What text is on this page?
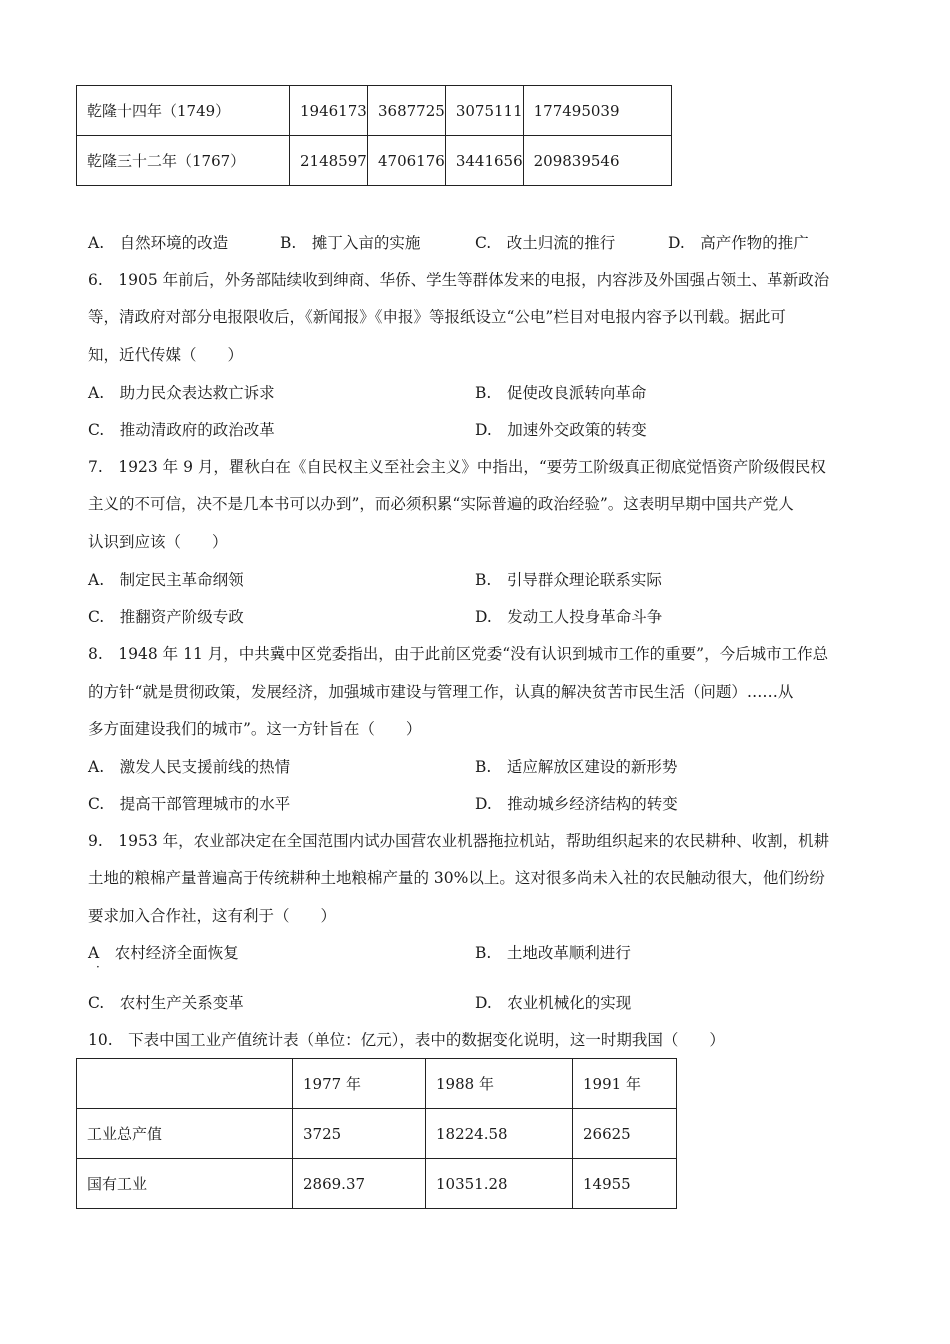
乾隆十四年（1749）	1946173	3687725	3075111	177495039
乾隆三十二年（1767）	2148597	4706176	3441656	209839546
A.　自然环境的改造	B.　摊丁入亩的实施	C.　改土归流的推行	D.　高产作物的推广
6.　1905 年前后，外务部陆续收到绅商、华侨、学生等群体发来的电报，内容涉及外国强占领土、革新政治
等，清政府对部分电报限收后，《新闻报》《申报》等报纸设立“公电”栏目对电报内容予以刊载。据此可
知，近代传媒（　　）
A.　助力民众表达救亡诉求	B.　促使改良派转向革命
C.　推动清政府的政治改革	D.　加速外交政策的转变
7.　1923 年 9 月，瞿秋白在《自民权主义至社会主义》中指出，“要劳工阶级真正彻底觉悟资产阶级假民权
主义的不可信，决不是几本书可以办到”，而必须积累“实际普遍的政治经验”。这表明早期中国共产党人
认识到应该（　　）
A.　制定民主革命纲领	B.　引导群众理论联系实际
C.　推翻资产阶级专政	D.　发动工人投身革命斗争
8.　1948 年 11 月，中共冀中区党委指出，由于此前区党委“没有认识到城市工作的重要”，今后城市工作总
的方针“就是贯彻政策，发展经济，加强城市建设与管理工作，认真的解决贫苦市民生活（问题）……从
多方面建设我们的城市”。这一方针旨在（　　）
A.　激发人民支援前线的热情	B.　适应解放区建设的新形势
C.　提高干部管理城市的水平	D.　推动城乡经济结构的转变
9.　1953 年，农业部决定在全国范围内试办国营农业机器拖拉机站，帮助组织起来的农民耕种、收割，机耕
土地的粮棉产量普遍高于传统耕种土地粮棉产量的 30%以上。这对很多尚未入社的农民触动很大，他们纷纷
要求加入合作社，这有利于（　　）
A　农村经济全面恢复
·
B.　土地改革顺利进行
C.　农村生产关系变革	D.　农业机械化的实现
10.　下表中国工业产值统计表（单位：亿元），表中的数据变化说明，这一时期我国（　　）
	1977 年	1988 年	1991 年
工业总产值	3725	18224.58	26625
国有工业	2869.37	10351.28	14955
